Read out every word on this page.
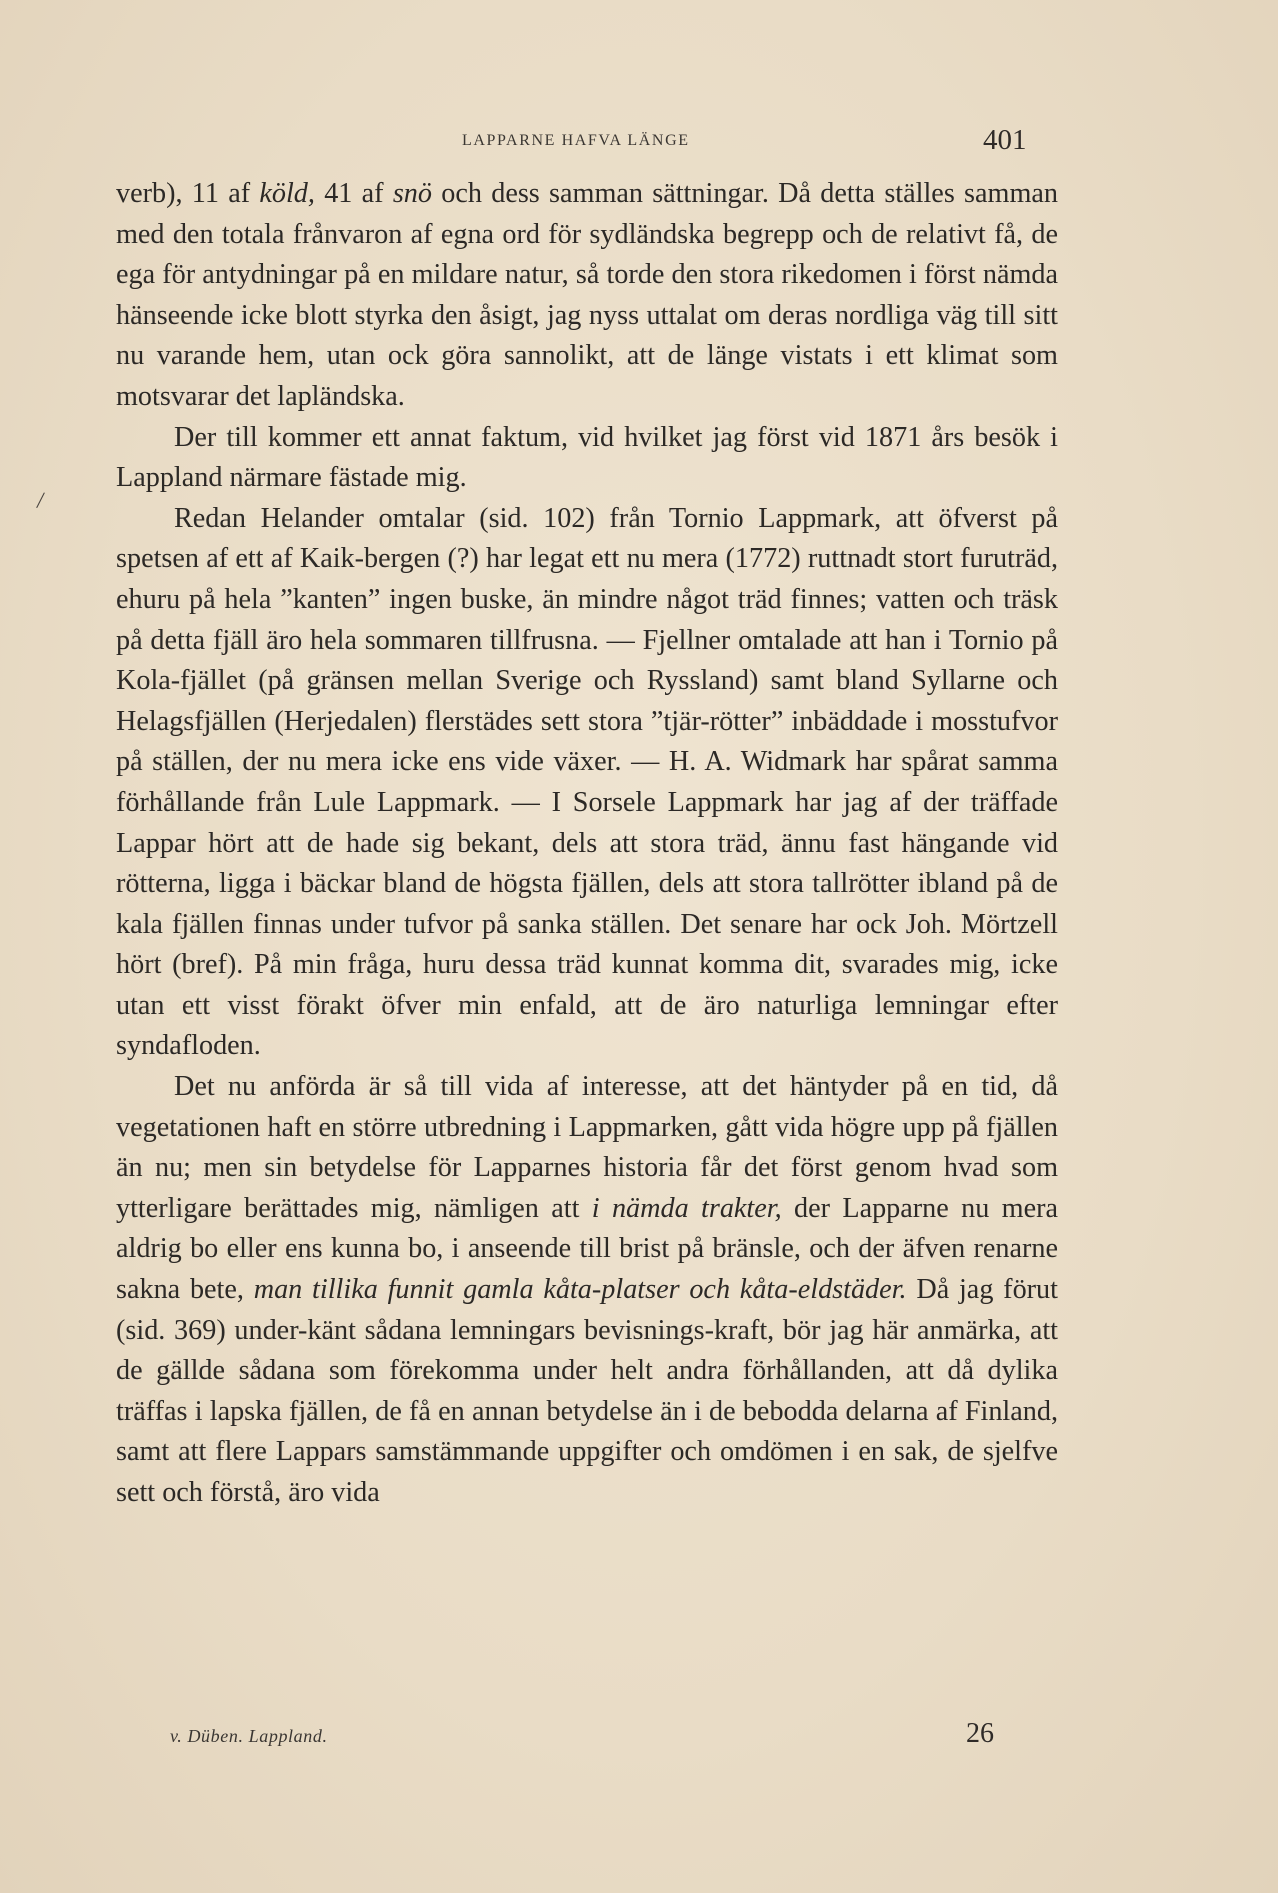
LAPPARNE HAFVA LÄNGE	401
/

verb), 11 af köld, 41 af snö och dess samman sättningar. Då detta ställes samman med den totala frånvaron af egna ord för sydländska begrepp och de relativt få, de ega för antydningar på en mildare natur, så torde den stora rikedomen i först nämda hänseende icke blott styrka den åsigt, jag nyss uttalat om deras nordliga väg till sitt nu varande hem, utan ock göra sannolikt, att de länge vistats i ett klimat som motsvarar det lapländska.

Der till kommer ett annat faktum, vid hvilket jag först vid 1871 års besök i Lappland närmare fästade mig.

Redan Helander omtalar (sid. 102) från Tornio Lappmark, att öfverst på spetsen af ett af Kaik-bergen (?) har legat ett nu mera (1772) ruttnadt stort furuträd, ehuru på hela ”kanten” ingen buske, än mindre något träd finnes; vatten och träsk på detta fjäll äro hela sommaren tillfrusna. — Fjellner omtalade att han i Tornio på Kola-fjället (på gränsen mellan Sverige och Ryssland) samt bland Syllarne och Helagsfjällen (Herjedalen) flerstädes sett stora ”tjär-rötter” inbäddade i mosstufvor på ställen, der nu mera icke ens vide växer. — H. A. Widmark har spårat samma förhållande från Lule Lappmark. — I Sorsele Lappmark har jag af der träffade Lappar hört att de hade sig bekant, dels att stora träd, ännu fast hängande vid rötterna, ligga i bäckar bland de högsta fjällen, dels att stora tallrötter ibland på de kala fjällen finnas under tufvor på sanka ställen. Det senare har ock Joh. Mörtzell hört (bref). På min fråga, huru dessa träd kunnat komma dit, svarades mig, icke utan ett visst förakt öfver min enfald, att de äro naturliga lemningar efter syndafloden.

Det nu anförda är så till vida af interesse, att det häntyder på en tid, då vegetationen haft en större utbredning i Lappmarken, gått vida högre upp på fjällen än nu; men sin betydelse för Lapparnes historia får det först genom hvad som ytterligare berättades mig, nämligen att i nämda trakter, der Lapparne nu mera aldrig bo eller ens kunna bo, i anseende till brist på bränsle, och der äfven renarne sakna bete, man tillika funnit gamla kåta-platser och kåta-eldstäder. Då jag förut (sid. 369) under-känt sådana lemningars bevisnings-kraft, bör jag här anmärka, att de gällde sådana som förekomma under helt andra förhållanden, att då dylika träffas i lapska fjällen, de få en annan betydelse än i de bebodda delarna af Finland, samt att flere Lappars samstämmande uppgifter och omdömen i en sak, de sjelfve sett och förstå, äro vida

v. Düben. Lappland.	26
